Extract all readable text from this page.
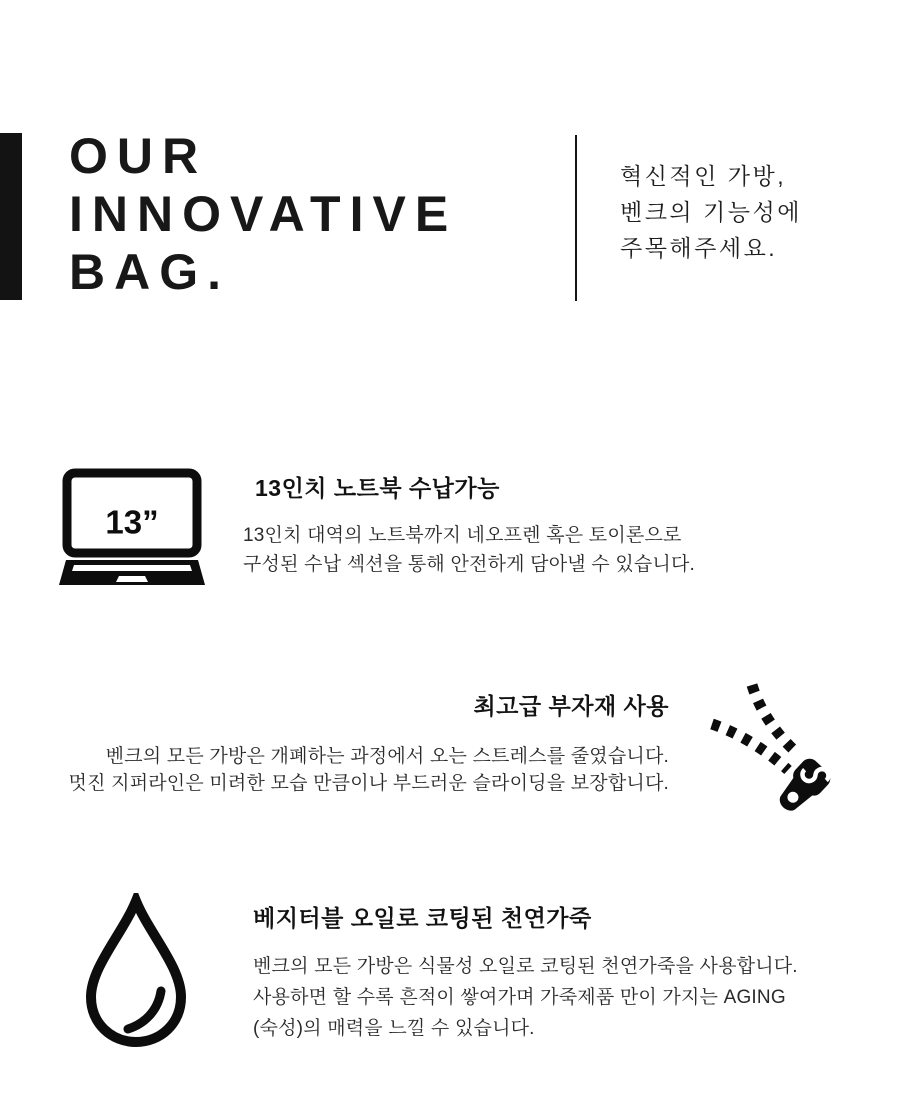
OUR
INNOVATIVE
BAG.

혁신적인 가방,
벤크의 기능성에
주목해주세요.

13”
13인치 노트북 수납가능

13인치 대역의 노트북까지 네오프렌 혹은 토이론으로
구성된 수납 섹션을 통해 안전하게 담아낼 수 있습니다.

최고급 부자재 사용

벤크의 모든 가방은 개폐하는 과정에서 오는 스트레스를 줄였습니다.
멋진 지퍼라인은 미려한 모습 만큼이나 부드러운 슬라이딩을 보장합니다.

베지터블 오일로 코팅된 천연가죽

벤크의 모든 가방은 식물성 오일로 코팅된 천연가죽을 사용합니다.
사용하면 할 수록 흔적이 쌓여가며 가죽제품 만이 가지는 AGING
(숙성)의 매력을 느낄 수 있습니다.
